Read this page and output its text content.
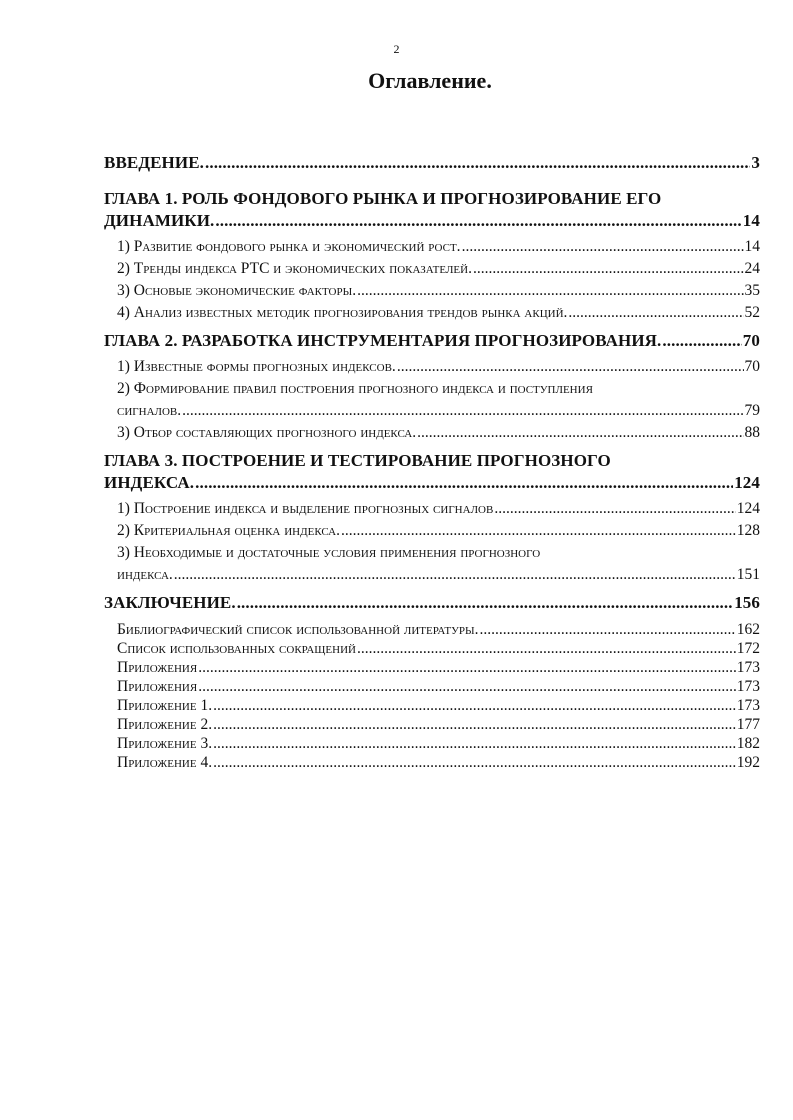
2
Оглавление.
ВВЕДЕНИЕ. .....	3
ГЛАВА 1. РОЛЬ ФОНДОВОГО РЫНКА И ПРОГНОЗИРОВАНИЕ ЕГО
ДИНАМИКИ. .....	14
1) Развитие фондового рынка и экономический рост. .....	14
2) Тренды индекса РТС и экономических показателей. .....	24
3) Основые экономические факторы. .....	35
4) Анализ известных методик прогнозирования трендов рынка акций. .....	52
ГЛАВА 2. РАЗРАБОТКА ИНСТРУМЕНТАРИЯ ПРОГНОЗИРОВАНИЯ. .....	70
1) Известные формы прогнозных индексов. .....	70
2) Формирование правил построения прогнозного индекса и поступления
сигналов. .....	79
3) Отбор составляющих прогнозного индекса. .....	88
ГЛАВА 3. ПОСТРОЕНИЕ И ТЕСТИРОВАНИЕ ПРОГНОЗНОГО
ИНДЕКСА. .....	124
1) Построение индекса и выделение прогнозных сигналов .....	124
2) Критериальная оценка индекса. .....	128
3) Необходимые и достаточные условия применения прогнозного
индекса. .....	151
ЗАКЛЮЧЕНИЕ. .....	156
Библиографический список использованной литературы. .....	162
Список использованных сокращений .....	172
Приложения .....	173
Приложения .....	173
Приложение 1. .....	173
Приложение 2. .....	177
Приложение 3. .....	182
Приложение 4. .....	192
